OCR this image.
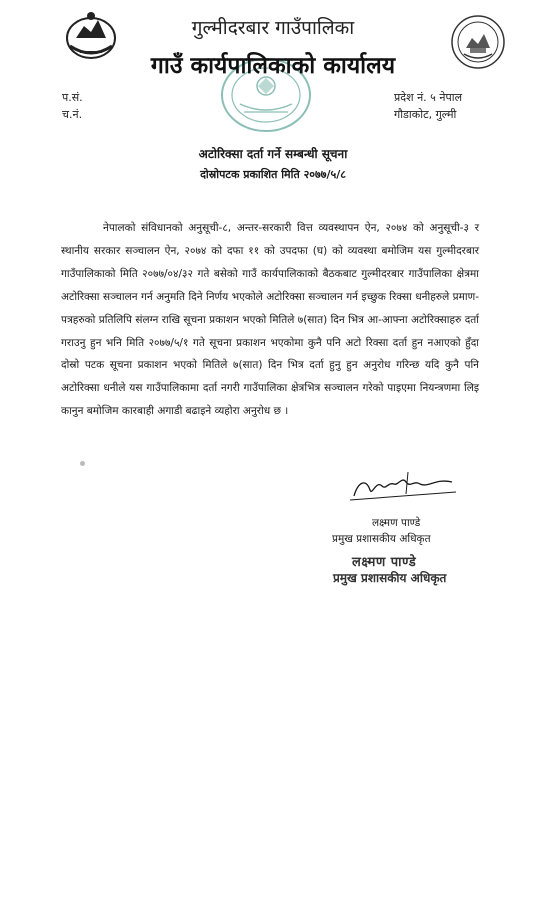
गुल्मीदरबार गाउँपालिका
गाउँ कार्यपालिकाको कार्यालय
प.सं.
च.नं.
प्रदेश नं. ५ नेपाल
गौडाकोट, गुल्मी
अटोरिक्सा दर्ता गर्ने सम्बन्धी सूचना
दोस्रोपटक प्रकाशित मिति २०७७/५/८

नेपालको संविधानको अनुसूची-८, अन्तर-सरकारी वित्त व्यवस्थापन ऐन, २०७४ को अनुसूची-३ र स्थानीय सरकार सञ्चालन ऐन, २०७४ को दफा ११ को उपदफा (घ) को व्यवस्था बमोजिम यस गुल्मीदरबार गाउँपालिकाको मिति २०७७/०४/३२ गते बसेको गाउँ कार्यपालिकाको बैठकबाट गुल्मीदरबार गाउँपालिका क्षेत्रमा अटोरिक्सा सञ्चालन गर्न अनुमति दिने निर्णय भएकोले अटोरिक्सा सञ्चालन गर्न इच्छुक रिक्सा धनीहरुले प्रमाण-पत्रहरुको प्रतिलिपि संलग्न राखि सूचना प्रकाशन भएको मितिले ७(सात) दिन भित्र आ-आफ्ना अटोरिक्साहरु दर्ता गराउनु हुन भनि मिति २०७७/५/१ गते सूचना प्रकाशन भएकोमा कुनै पनि अटो रिक्सा दर्ता हुन नआएको हुँदा दोस्रो पटक सूचना प्रकाशन भएको मितिले ७(सात) दिन भित्र दर्ता हुनु हुन अनुरोध गरिन्छ यदि कुनै पनि अटोरिक्सा धनीले यस गाउँपालिकामा दर्ता नगरी गाउँपालिका क्षेत्रभित्र सञ्चालन गरेको पाइएमा नियन्त्रणमा लिइ कानुन बमोजिम कारबाही अगाडी बढाइने व्यहोरा अनुरोध छ ।

लक्ष्मण पाण्डे
प्रमुख प्रशासकीय अधिकृत
लक्ष्मण पाण्डे
प्रमुख प्रशासकीय अधिकृत
